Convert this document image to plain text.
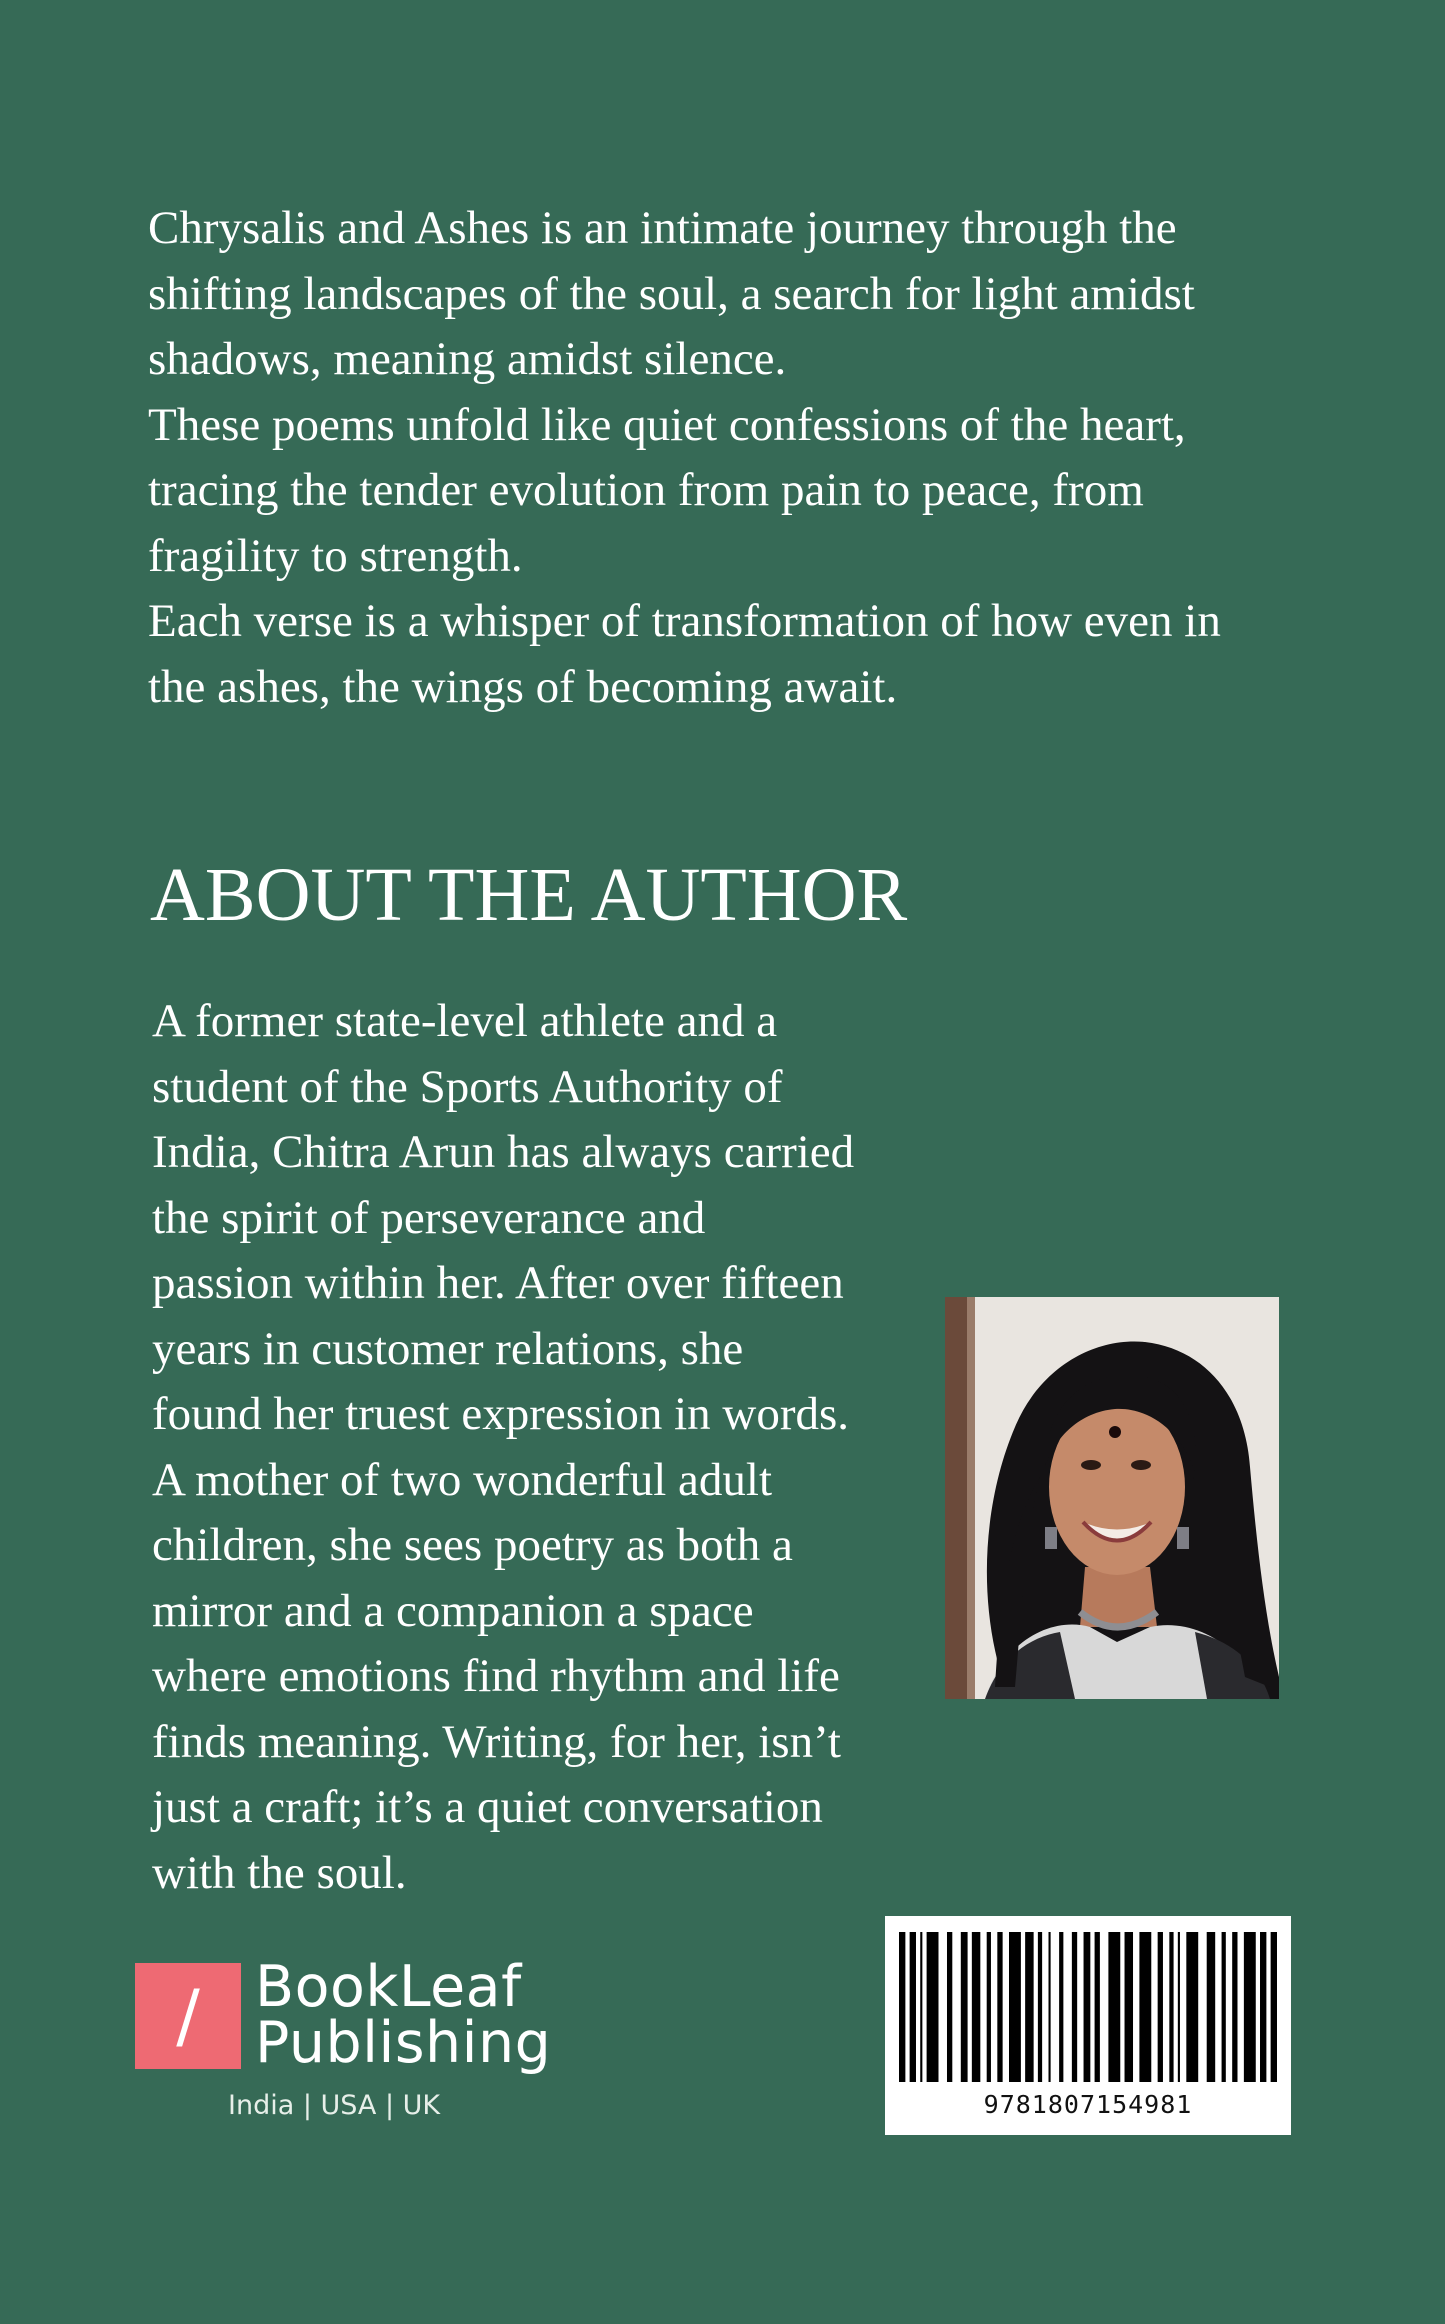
Chrysalis and Ashes is an intimate journey through the
shifting landscapes of the soul, a search for light amidst
shadows, meaning amidst silence.
These poems unfold like quiet confessions of the heart,
tracing the tender evolution from pain to peace, from
fragility to strength.
Each verse is a whisper of transformation of how even in
the ashes, the wings of becoming await.

ABOUT THE AUTHOR

A former state-level athlete and a
student of the Sports Authority of
India, Chitra Arun has always carried
the spirit of perseverance and
passion within her. After over fifteen
years in customer relations, she
found her truest expression in words.
A mother of two wonderful adult
children, she sees poetry as both a
mirror and a companion a space
where emotions find rhythm and life
finds meaning. Writing, for her, isn’t
just a craft; it’s a quiet conversation
with the soul.

/ BookLeaf
Publishing
India | USA | UK	9781807154981
